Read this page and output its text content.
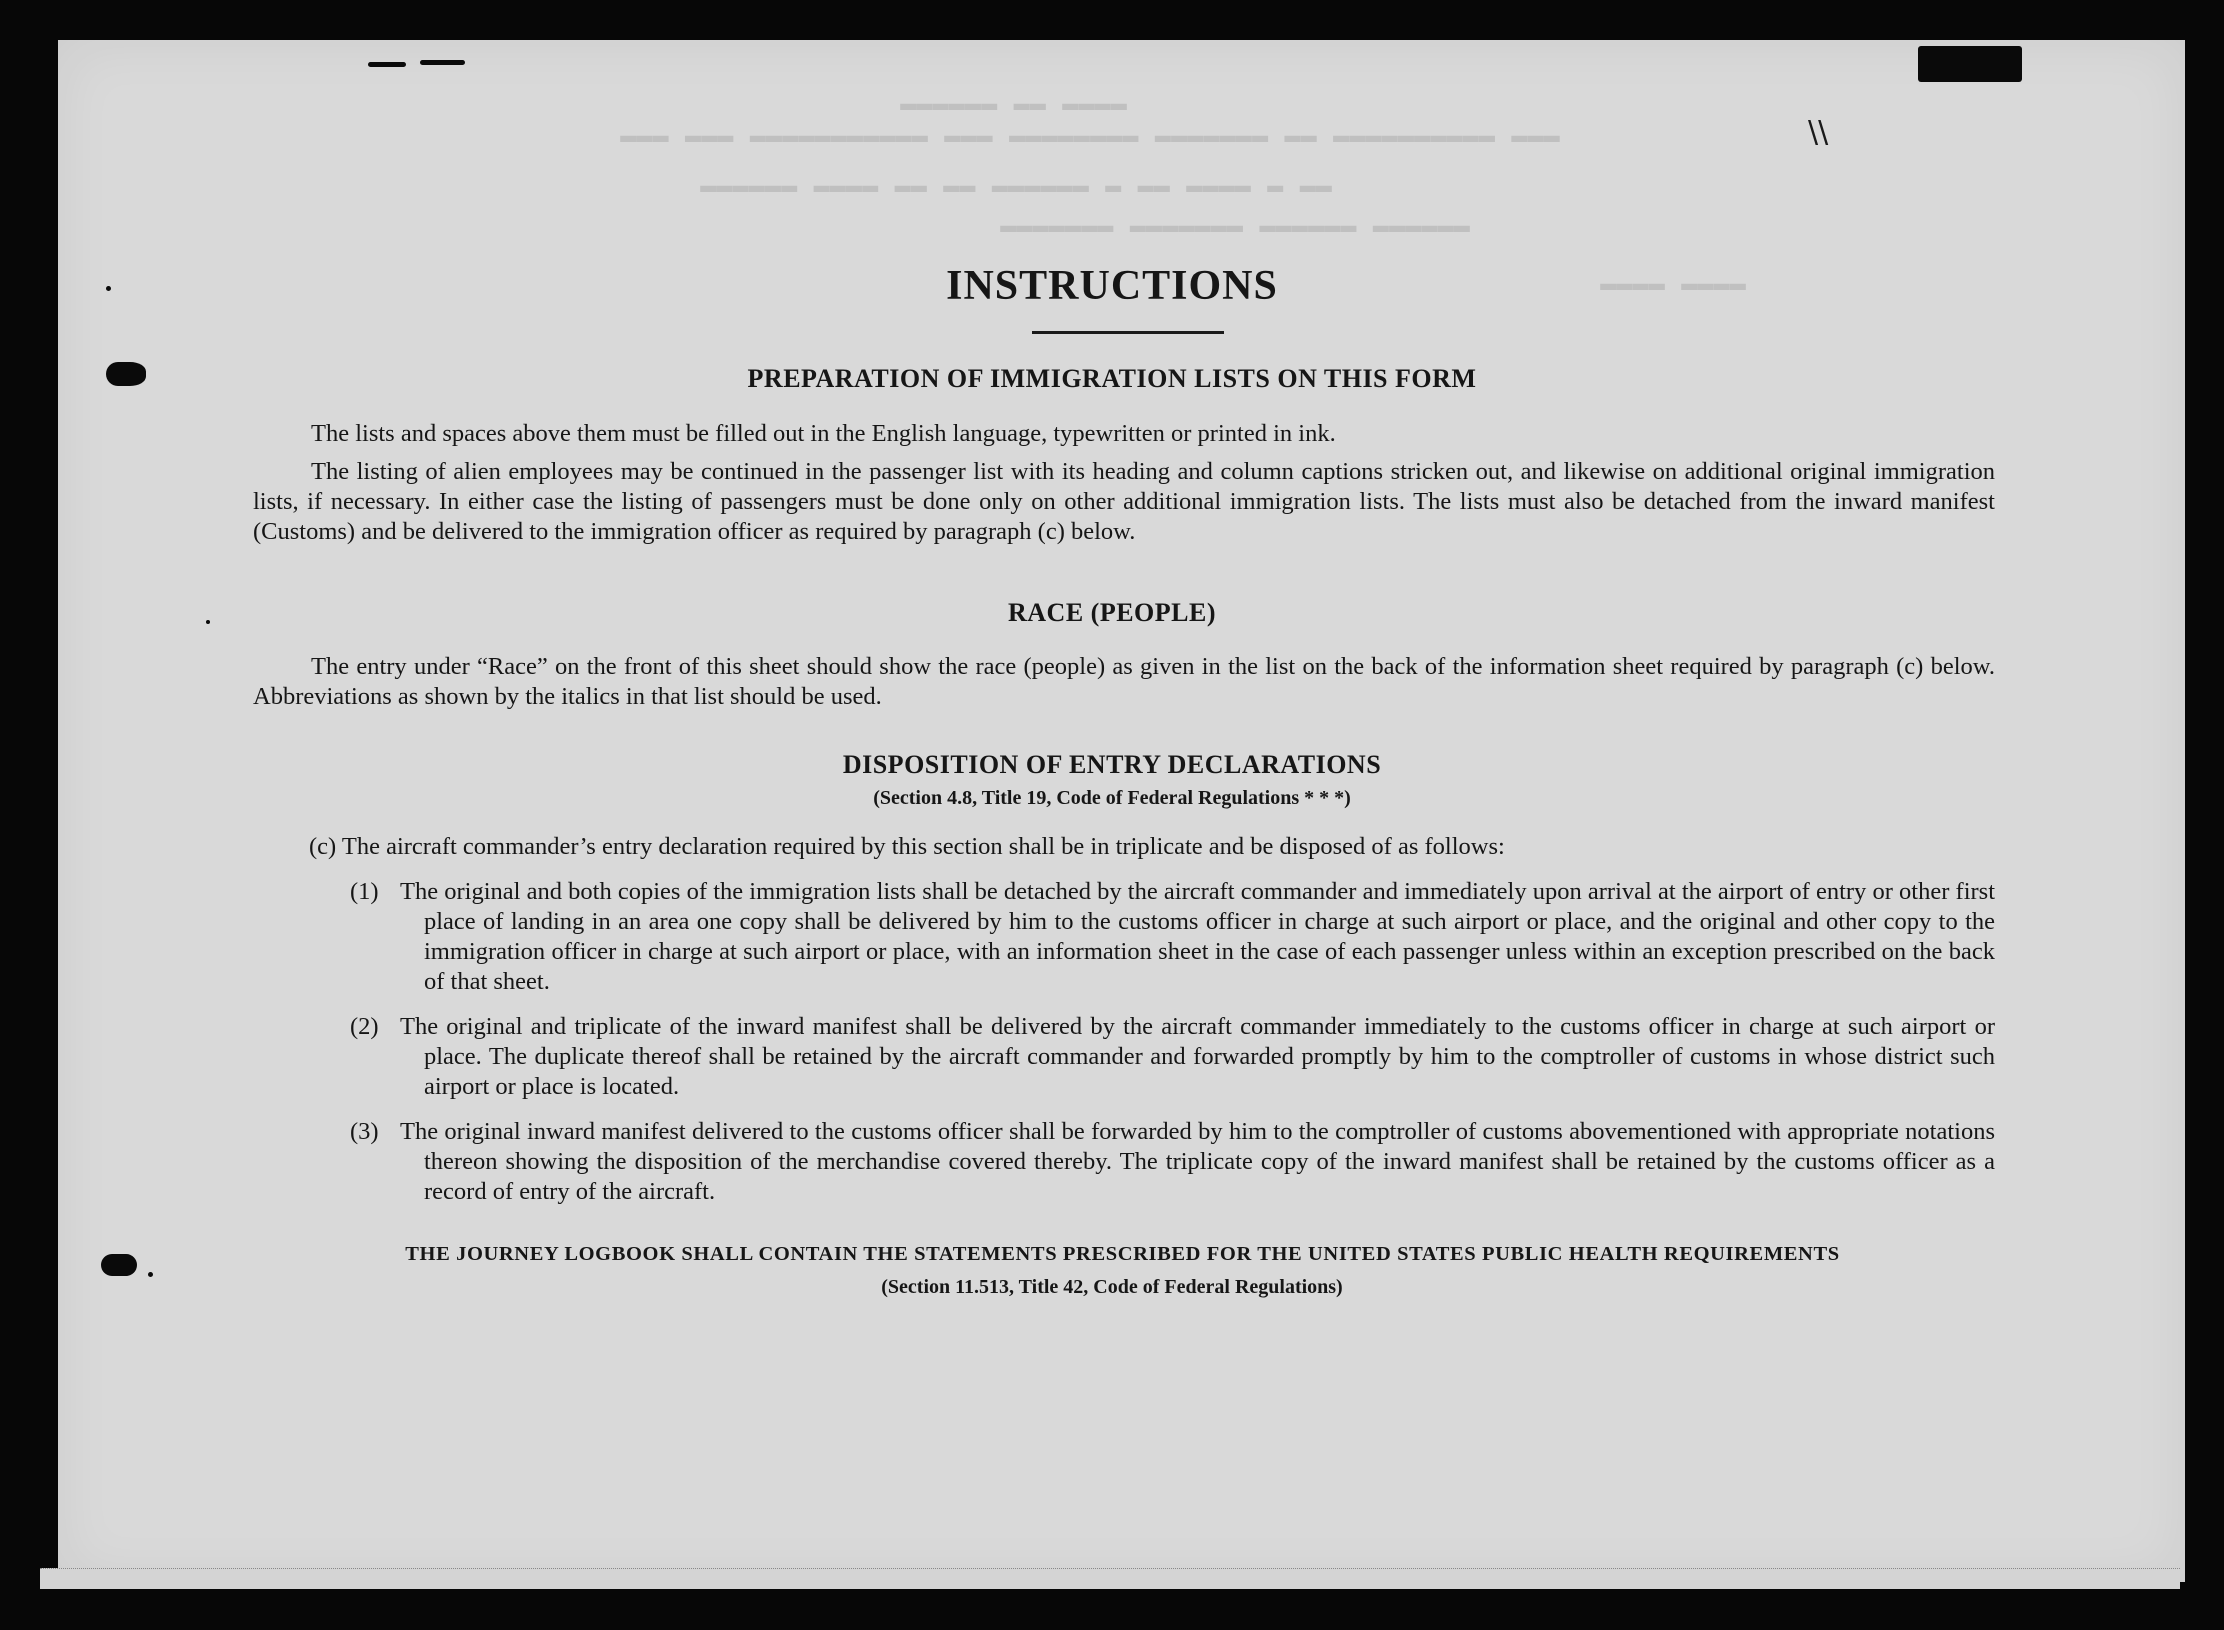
▬▬▬▬ ▬▬ ▬▬▬▬▬▬
▬▬▬ ▬▬▬▬▬▬▬▬▬▬ ▬▬ ▬▬▬▬▬▬▬ ▬▬▬▬▬▬▬▬ ▬▬▬ ▬▬▬▬▬▬▬▬▬▬▬ ▬▬▬ ▬▬▬
▬▬ ▬ ▬▬▬▬ ▬▬ ▬ ▬▬▬▬▬▬ ▬▬ ▬▬ ▬▬▬▬ ▬▬▬▬▬▬
▬▬▬▬▬▬ ▬▬▬▬▬▬ ▬▬▬▬▬▬▬ ▬▬▬▬▬▬▬
▬▬▬▬ ▬▬▬▬
\\
INSTRUCTIONS
PREPARATION OF IMMIGRATION LISTS ON THIS FORM
The lists and spaces above them must be filled out in the English language, typewritten or printed in ink.
The listing of alien employees may be continued in the passenger list with its heading and column captions stricken out, and likewise on additional original immigration lists, if necessary. In either case the listing of passengers must be done only on other additional immigration lists. The lists must also be detached from the inward manifest (Customs) and be delivered to the immigration officer as required by paragraph (c) below.
RACE (PEOPLE)
The entry under “Race” on the front of this sheet should show the race (people) as given in the list on the back of the information sheet required by paragraph (c) below. Abbreviations as shown by the italics in that list should be used.
DISPOSITION OF ENTRY DECLARATIONS
(Section 4.8, Title 19, Code of Federal Regulations * * *)
(c) The aircraft commander’s entry declaration required by this section shall be in triplicate and be disposed of as follows:
(1) The original and both copies of the immigration lists shall be detached by the aircraft commander and immediately upon arrival at the airport of entry or other first place of landing in an area one copy shall be delivered by him to the customs officer in charge at such airport or place, and the original and other copy to the immigration officer in charge at such airport or place, with an information sheet in the case of each passenger unless within an exception prescribed on the back of that sheet.
(2) The original and triplicate of the inward manifest shall be delivered by the aircraft commander immediately to the customs officer in charge at such airport or place. The duplicate thereof shall be retained by the aircraft commander and forwarded promptly by him to the comptroller of customs in whose district such airport or place is located.
(3) The original inward manifest delivered to the customs officer shall be forwarded by him to the comptroller of customs abovementioned with appropriate notations thereon showing the disposition of the merchandise covered thereby. The triplicate copy of the inward manifest shall be retained by the customs officer as a record of entry of the aircraft.
THE JOURNEY LOGBOOK SHALL CONTAIN THE STATEMENTS PRESCRIBED FOR THE UNITED STATES PUBLIC HEALTH REQUIREMENTS
(Section 11.513, Title 42, Code of Federal Regulations)
